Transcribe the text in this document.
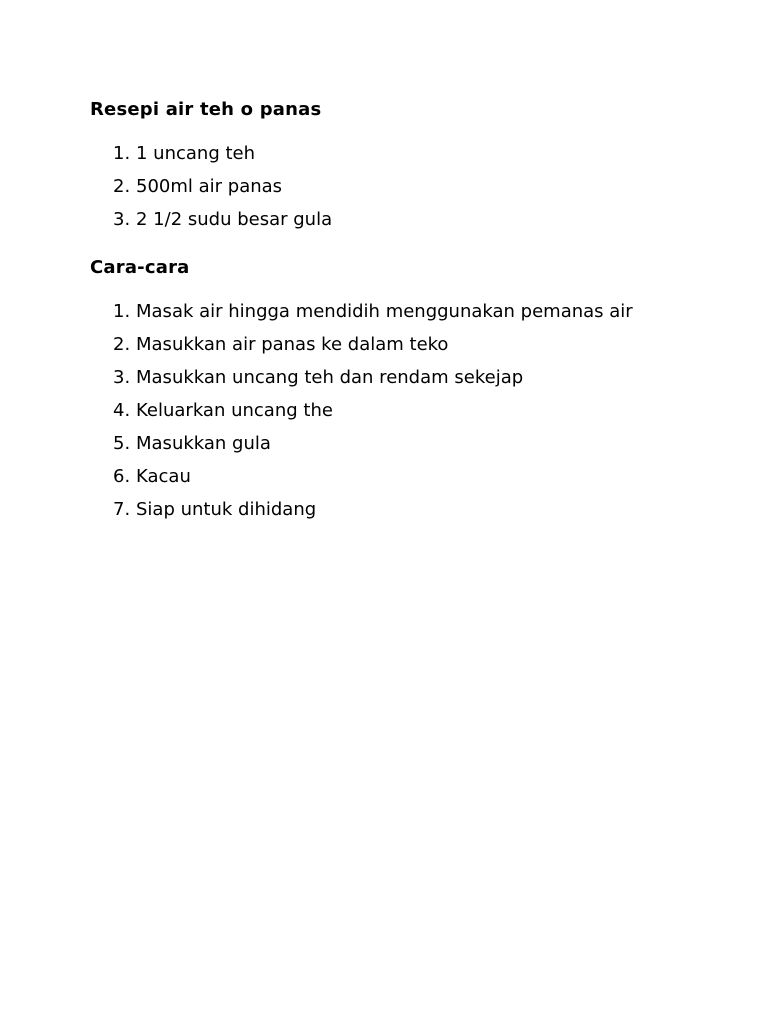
Resepi air teh o panas
1. 1 uncang teh
2. 500ml air panas
3. 2 1/2 sudu besar gula
Cara-cara
1. Masak air hingga mendidih menggunakan pemanas air
2. Masukkan air panas ke dalam teko
3. Masukkan uncang teh dan rendam sekejap
4. Keluarkan uncang the
5. Masukkan gula
6. Kacau
7. Siap untuk dihidang
